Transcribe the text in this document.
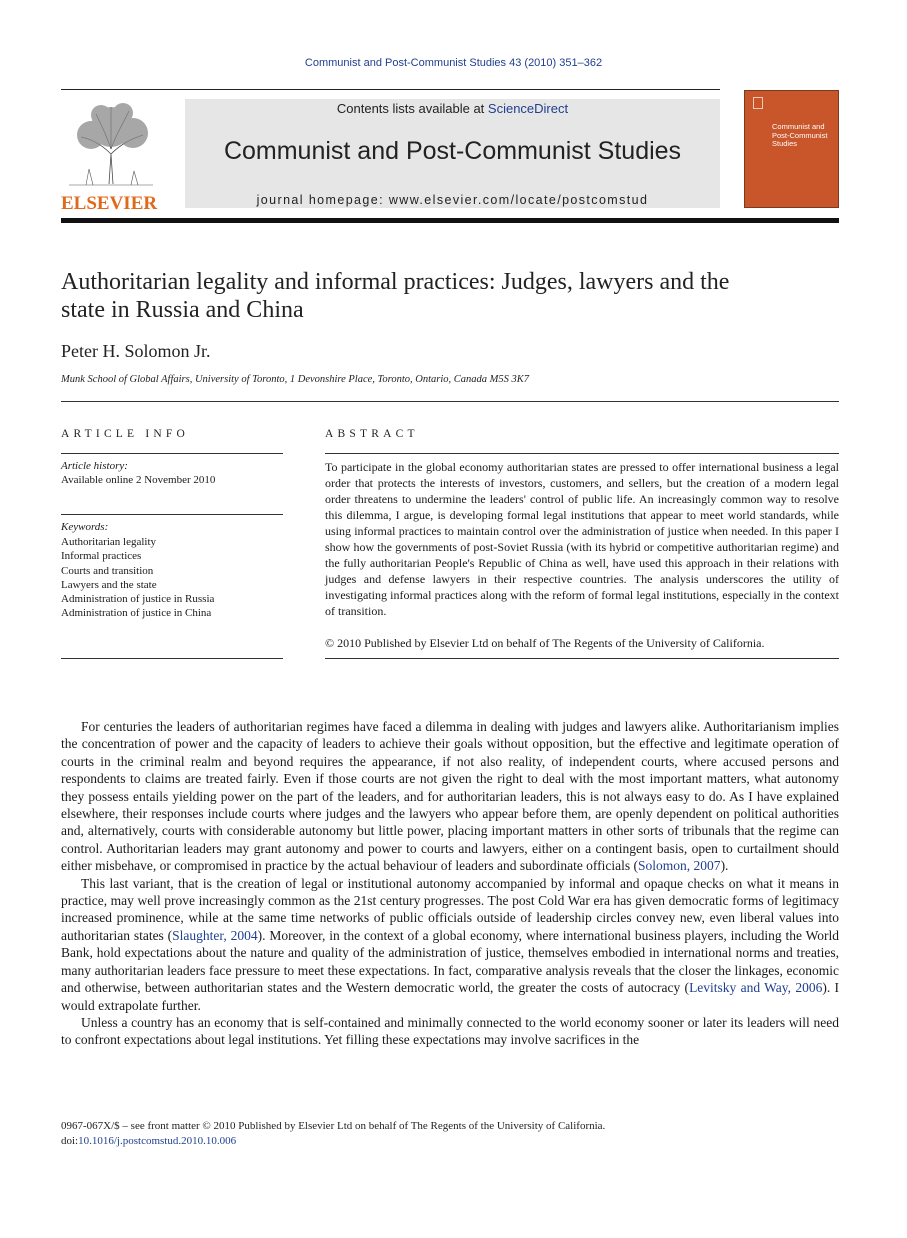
Communist and Post-Communist Studies 43 (2010) 351–362
ELSEVIER
Contents lists available at ScienceDirect
Communist and Post-Communist Studies
journal homepage: www.elsevier.com/locate/postcomstud
Communist and Post-Communist Studies
Authoritarian legality and informal practices: Judges, lawyers and the state in Russia and China
Peter H. Solomon Jr.
Munk School of Global Affairs, University of Toronto, 1 Devonshire Place, Toronto, Ontario, Canada M5S 3K7
ARTICLE INFO	ABSTRACT
Article history:
Available online 2 November 2010
Keywords:
Authoritarian legality
Informal practices
Courts and transition
Lawyers and the state
Administration of justice in Russia
Administration of justice in China

To participate in the global economy authoritarian states are pressed to offer international business a legal order that protects the interests of investors, customers, and sellers, but the creation of a modern legal order threatens to undermine the leaders' control of public life. An increasingly common way to resolve this dilemma, I argue, is developing formal legal institutions that appear to meet world standards, while using informal practices to maintain control over the administration of justice when needed. In this paper I show how the governments of post-Soviet Russia (with its hybrid or competitive authoritarian regime) and the fully authoritarian People's Republic of China as well, have used this approach in their relations with judges and defense lawyers in their respective countries. The analysis underscores the utility of investigating informal practices along with the reform of formal legal institutions, especially in the context of transition.

© 2010 Published by Elsevier Ltd on behalf of The Regents of the University of California.

For centuries the leaders of authoritarian regimes have faced a dilemma in dealing with judges and lawyers alike. Authoritarianism implies the concentration of power and the capacity of leaders to achieve their goals without opposition, but the effective and legitimate operation of courts in the criminal realm and beyond requires the appearance, if not also reality, of independent courts, where accused persons and respondents to claims are treated fairly. Even if those courts are not given the right to deal with the most important matters, what autonomy they possess entails yielding power on the part of the leaders, and for authoritarian leaders, this is not always easy to do. As I have explained elsewhere, their responses include courts where judges and the lawyers who appear before them, are openly dependent on political authorities and, alternatively, courts with considerable autonomy but little power, placing important matters in other sorts of tribunals that the regime can control. Authoritarian leaders may grant autonomy and power to courts and lawyers, either on a contingent basis, open to curtailment should either misbehave, or compromised in practice by the actual behaviour of leaders and subordinate officials (Solomon, 2007).

This last variant, that is the creation of legal or institutional autonomy accompanied by informal and opaque checks on what it means in practice, may well prove increasingly common as the 21st century progresses. The post Cold War era has given democratic forms of legitimacy increased prominence, while at the same time networks of public officials outside of leadership circles convey new, even liberal values into authoritarian states (Slaughter, 2004). Moreover, in the context of a global economy, where international business players, including the World Bank, hold expectations about the nature and quality of the administration of justice, themselves embodied in international norms and treaties, many authoritarian leaders face pressure to meet these expectations. In fact, comparative analysis reveals that the closer the linkages, economic and otherwise, between authoritarian states and the Western democratic world, the greater the costs of autocracy (Levitsky and Way, 2006). I would extrapolate further.

Unless a country has an economy that is self-contained and minimally connected to the world economy sooner or later its leaders will need to confront expectations about legal institutions. Yet filling these expectations may involve sacrifices in the

0967-067X/$ – see front matter © 2010 Published by Elsevier Ltd on behalf of The Regents of the University of California.
doi:10.1016/j.postcomstud.2010.10.006
